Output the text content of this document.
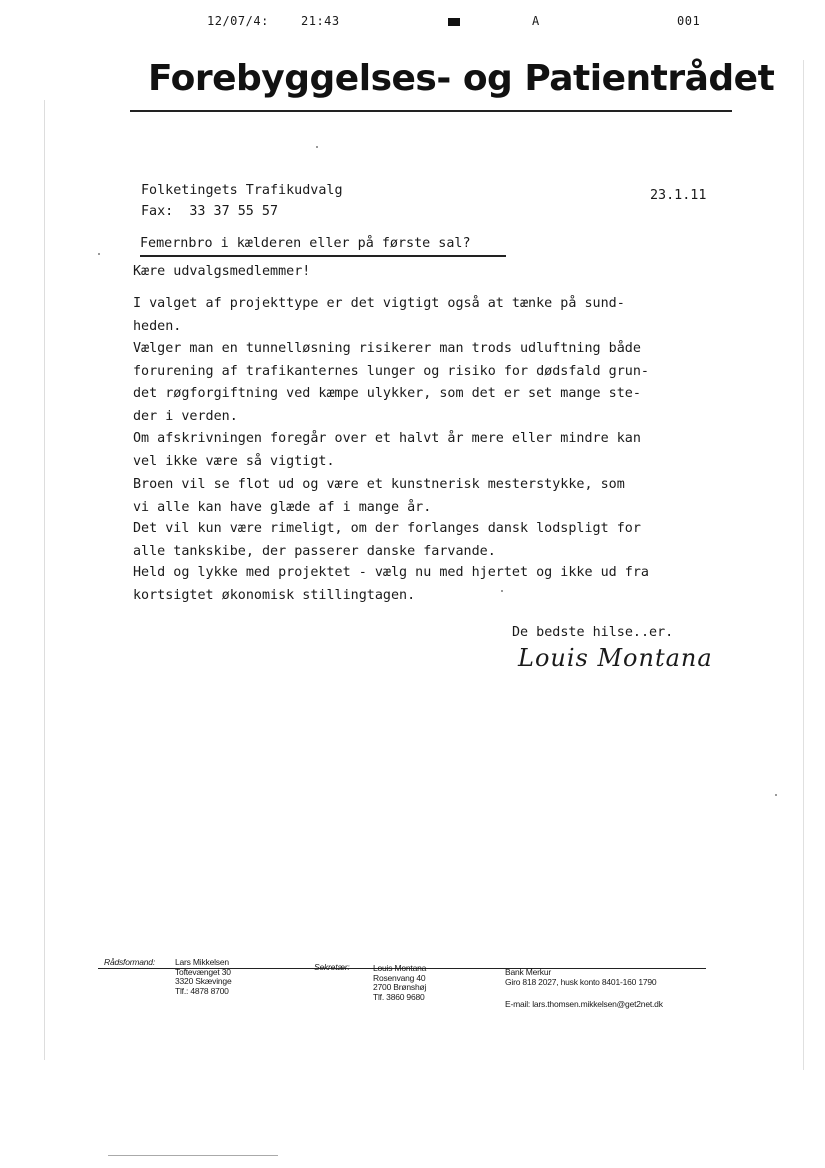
12/07/4:	21:43	A	001
Forebyggelses- og Patientrådet
Folketingets Trafikudvalg
Fax: 33 37 55 57
23.1.11
Femernbro i kælderen eller på første sal?
Kære udvalgsmedlemmer!
I valget af projekttype er det vigtigt også at tænke på sund-
heden.
Vælger man en tunnelløsning risikerer man trods udluftning både
forurening af trafikanternes lunger og risiko for dødsfald grun-
det røgforgiftning ved kæmpe ulykker, som det er set mange ste-
der i verden.
Om afskrivningen foregår over et halvt år mere eller mindre kan
vel ikke være så vigtigt.
Broen vil se flot ud og være et kunstnerisk mesterstykke, som
vi alle kan have glæde af i mange år.
Det vil kun være rimeligt, om der forlanges dansk lodspligt for
alle tankskibe, der passerer danske farvande.
Held og lykke med projektet - vælg nu med hjertet og ikke ud fra
kortsigtet økonomisk stillingtagen.
De bedste hilse..er.
Louis Montana
Rådsformand: Lars Mikkelsen
Toftevænget 30
3320 Skævinge
Tlf.: 4878 8700
Sekretær:	Louis Montana
Rosenvang 40
2700 Brønshøj
Tlf. 3860 9680
Bank Merkur
Giro 818 2027, husk konto 8401-160 1790
E-mail: lars.thomsen.mikkelsen@get2net.dk
